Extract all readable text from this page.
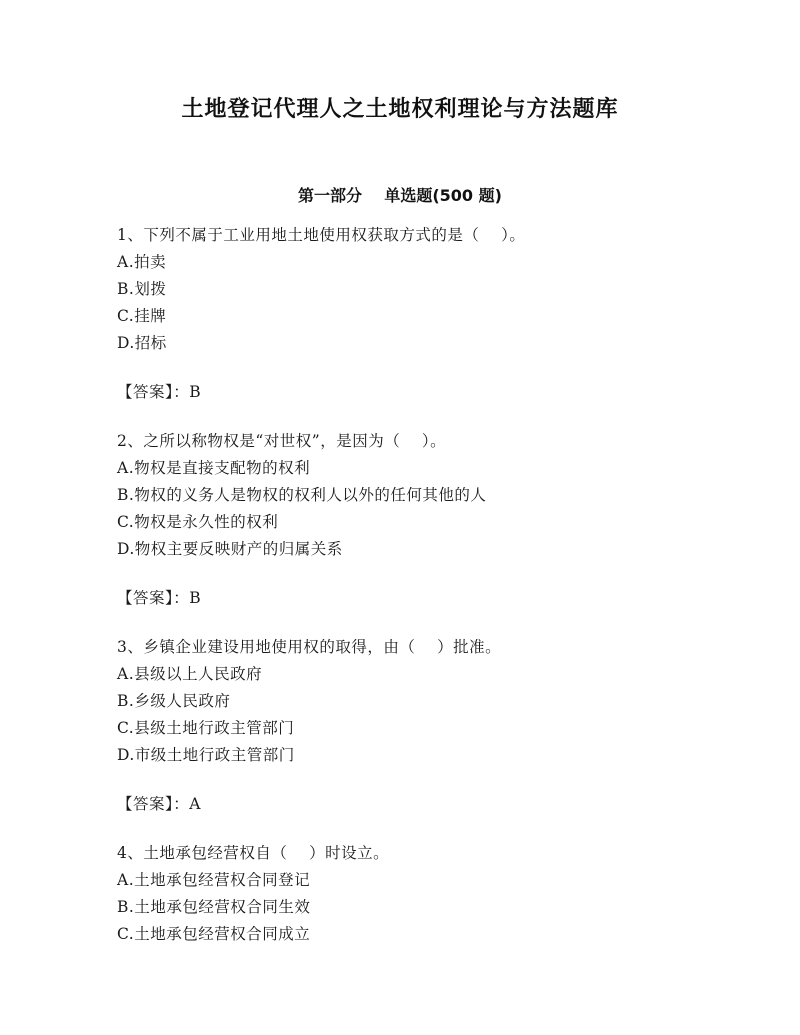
土地登记代理人之土地权利理论与方法题库
第一部分    单选题(500 题)
1、下列不属于工业用地土地使用权获取方式的是（    ）。
A.拍卖
B.划拨
C.挂牌
D.招标
【答案】：B
2、之所以称物权是“对世权”，是因为（    ）。
A.物权是直接支配物的权利
B.物权的义务人是物权的权利人以外的任何其他的人
C.物权是永久性的权利
D.物权主要反映财产的归属关系
【答案】：B
3、乡镇企业建设用地使用权的取得，由（    ）批准。
A.县级以上人民政府
B.乡级人民政府
C.县级土地行政主管部门
D.市级土地行政主管部门
【答案】：A
4、土地承包经营权自（    ）时设立。
A.土地承包经营权合同登记
B.土地承包经营权合同生效
C.土地承包经营权合同成立
